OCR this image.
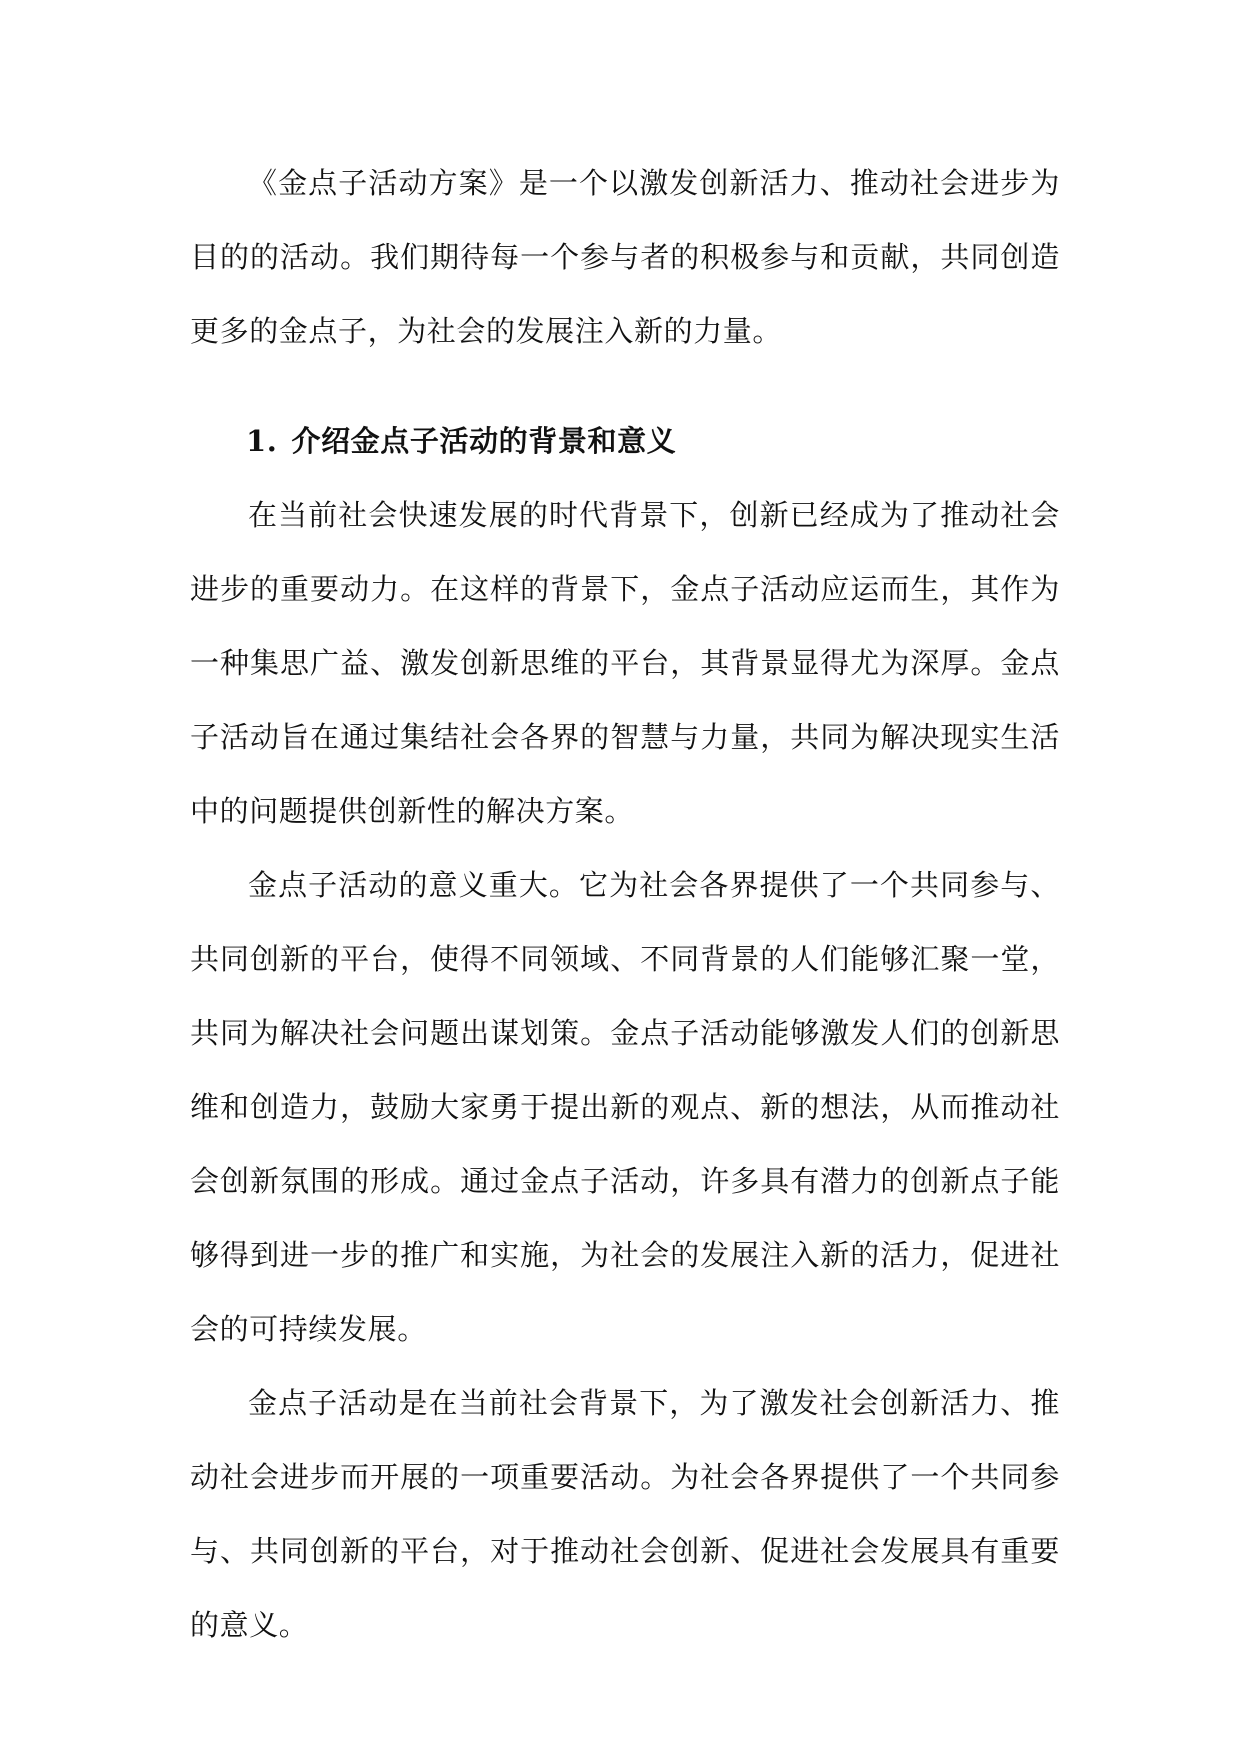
《金点子活动方案》是一个以激发创新活力、推动社会进步为目的的活动。我们期待每一个参与者的积极参与和贡献，共同创造更多的金点子，为社会的发展注入新的力量。

1. 介绍金点子活动的背景和意义

在当前社会快速发展的时代背景下，创新已经成为了推动社会进步的重要动力。在这样的背景下，金点子活动应运而生，其作为一种集思广益、激发创新思维的平台，其背景显得尤为深厚。金点子活动旨在通过集结社会各界的智慧与力量，共同为解决现实生活中的问题提供创新性的解决方案。

金点子活动的意义重大。它为社会各界提供了一个共同参与、共同创新的平台，使得不同领域、不同背景的人们能够汇聚一堂，共同为解决社会问题出谋划策。金点子活动能够激发人们的创新思维和创造力，鼓励大家勇于提出新的观点、新的想法，从而推动社会创新氛围的形成。通过金点子活动，许多具有潜力的创新点子能够得到进一步的推广和实施，为社会的发展注入新的活力，促进社会的可持续发展。

金点子活动是在当前社会背景下，为了激发社会创新活力、推动社会进步而开展的一项重要活动。为社会各界提供了一个共同参与、共同创新的平台，对于推动社会创新、促进社会发展具有重要的意义。
